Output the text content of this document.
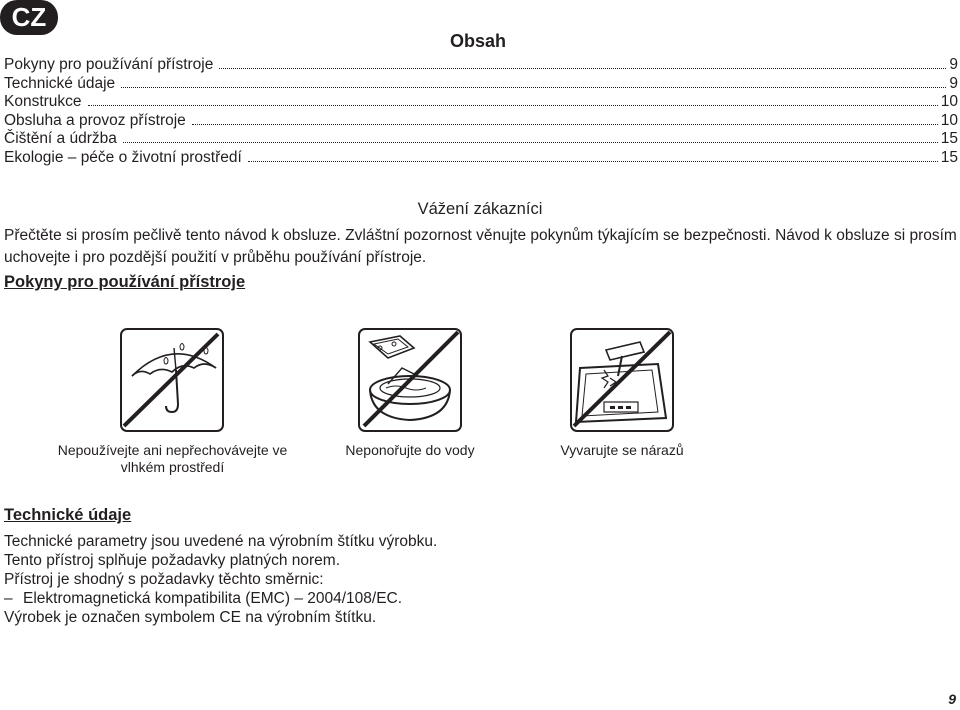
CZ
Obsah
Pokyny pro používání přístroje	9
Technické údaje	9
Konstrukce	10
Obsluha a provoz přístroje	10
Čištění a údržba	15
Ekologie – péče o životní prostředí	15
Vážení zákazníci

Přečtěte si prosím pečlivě tento návod k obsluze. Zvláštní pozornost věnujte pokynům týkajícím se bezpečnosti. Návod k obsluze si prosím uchovejte i pro pozdější použití v průběhu používání přístroje.

Pokyny pro používání přístroje
Nepoužívejte ani nepřechovávejte ve vlhkém prostředí
Neponořujte do vody	Vyvarujte se nárazů
Technické údaje
Technické parametry jsou uvedené na výrobním štítku výrobku.
Tento přístroj splňuje požadavky platných norem.
Přístroj je shodný s požadavky těchto směrnic:
– Elektromagnetická kompatibilita (EMC) – 2004/108/EC.
Výrobek je označen symbolem CE na výrobním štítku.
9
